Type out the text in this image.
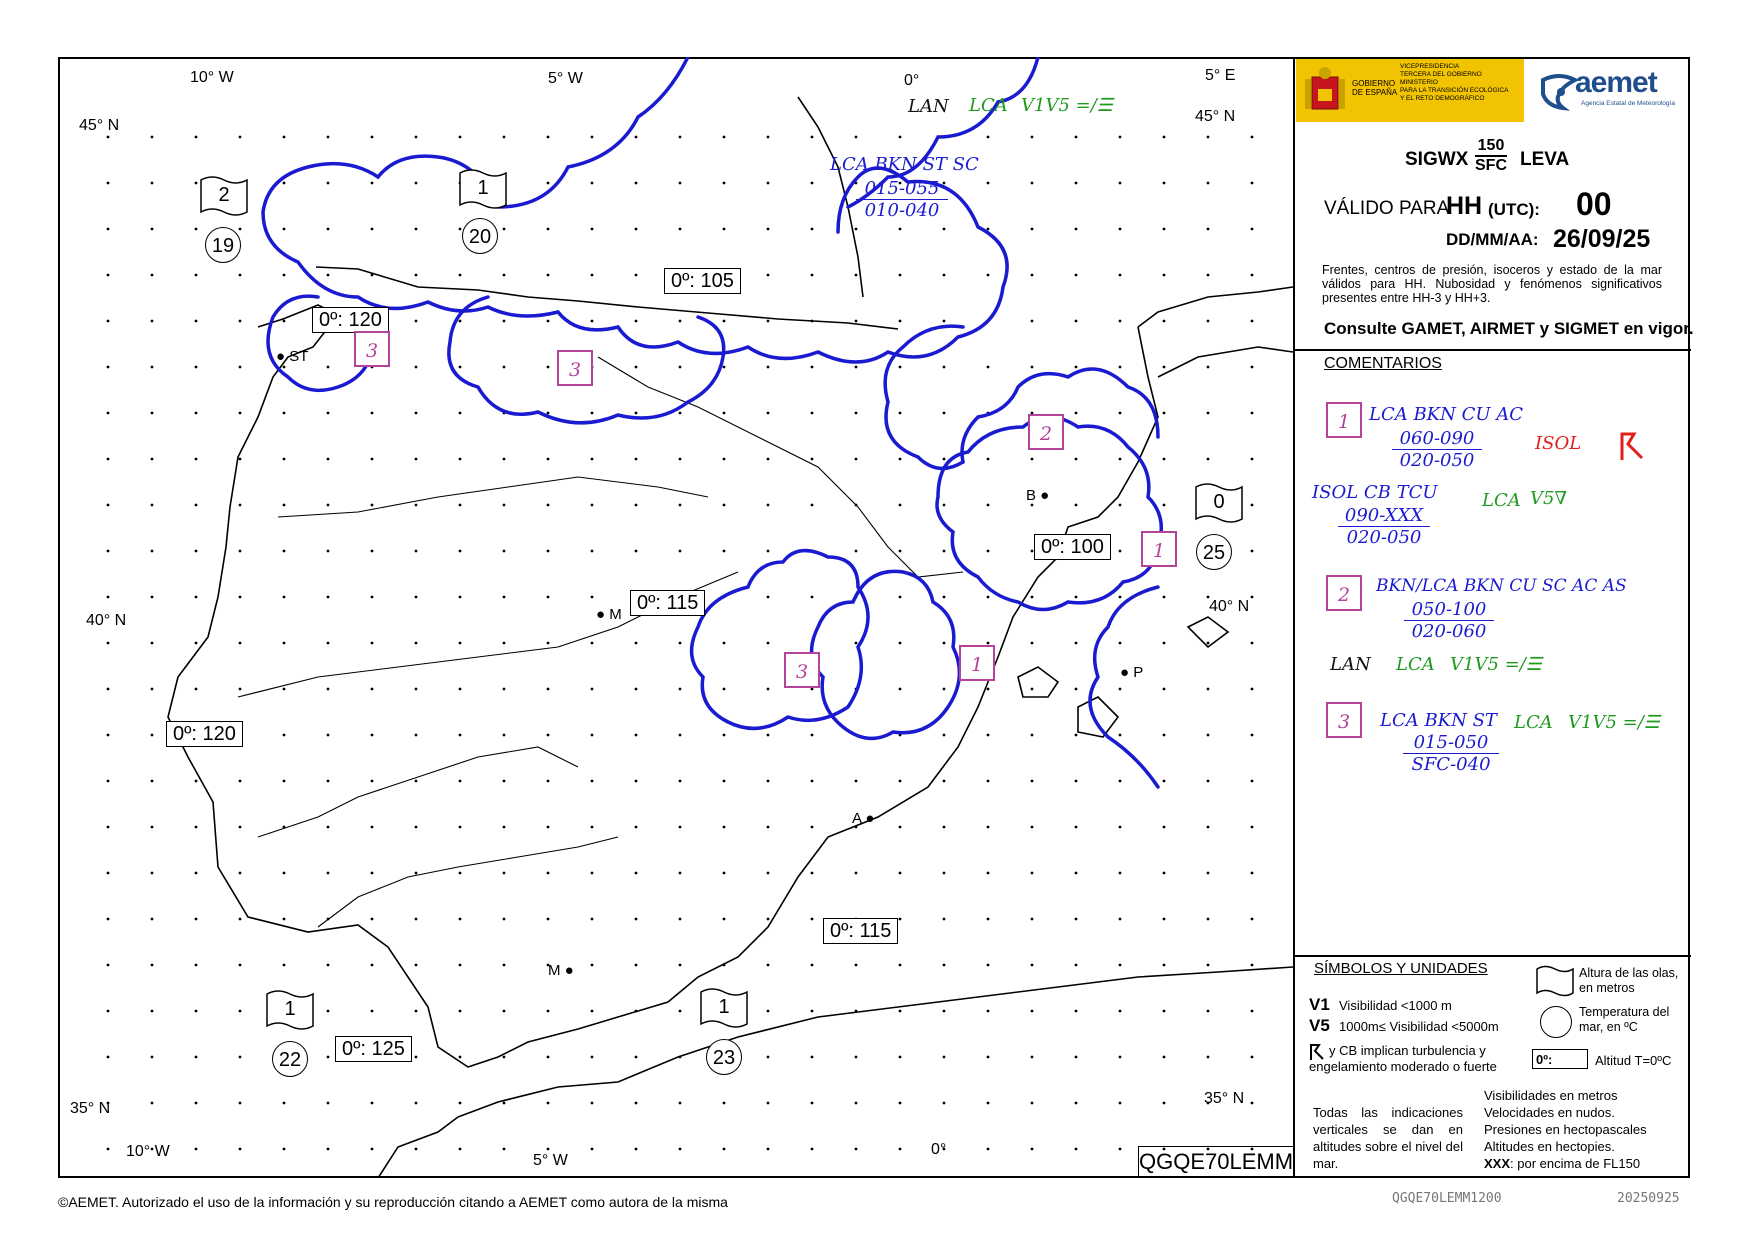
10° W	5° W	0°	5° E
45° N
45° N
40° N
40° N
35° N
35° N
10° W
5° W
0°
● ST
B ●
● M
● P
A ●
M ●
0º: 105
0º: 120
0º: 100
0º: 115
0º: 120
0º: 115
0º: 125
3
3
2
1
3	1
2
19
1
20
0
25
1
22
1
23
LAN LCA V1V5 =/☰
LCA BKN ST SC
$\frac{015-055}{010-040}$
QGQE70LEMM
GOBIERNO
DE ESPAÑA
VICEPRESIDENCIA
TERCERA DEL GOBIERNO
MINISTERIO
PARA LA TRANSICIÓN ECOLÓGICA
Y EL RETO DEMOGRÁFICO	aemet
Agencia Estatal de Meteorología
SIGWX
150
SFC LEVA
VÁLIDO PARA
HH (UTC): 00
DD/MM/AA: 26/09/25
Frentes, centros de presión, isoceros y estado de la mar válidos para HH. Nubosidad y fenómenos significativos presentes entre HH-3 y HH+3.
Consulte GAMET, AIRMET y SIGMET en vigor.
COMENTARIOS
1	LCA BKN CU AC
$\frac{060-090}{020-050}$	ISOL
ISOL CB TCU
090-XXX
020-050
LCA V5∇
2	BKN/LCA BKN CU SC AC AS
$\frac{050-100}{020-060}$
LAN LCA V1V5 =/☰
3	LCA BKN ST
015-050
SFC-040
LCA V1V5 =/☰
SÍMBOLOS Y UNIDADES
V1 Visibilidad <1000 m
V5 1000m≤ Visibilidad <5000m
y CB implican turbulencia y engelamiento moderado o fuerte
Altura de las olas, en metros
Temperatura del mar, en ºC
0º:	Altitud T=0ºC
Todas las indicaciones verticales se dan en altitudes sobre el nivel del mar.
Visibilidades en metros
Velocidades en nudos.
Presiones en hectopascales
Altitudes en hectopies.
XXX: por encima de FL150
©AEMET. Autorizado el uso de la información y su reproducción citando a AEMET como autora de la misma	QGQE70LEMM1200	20250925
